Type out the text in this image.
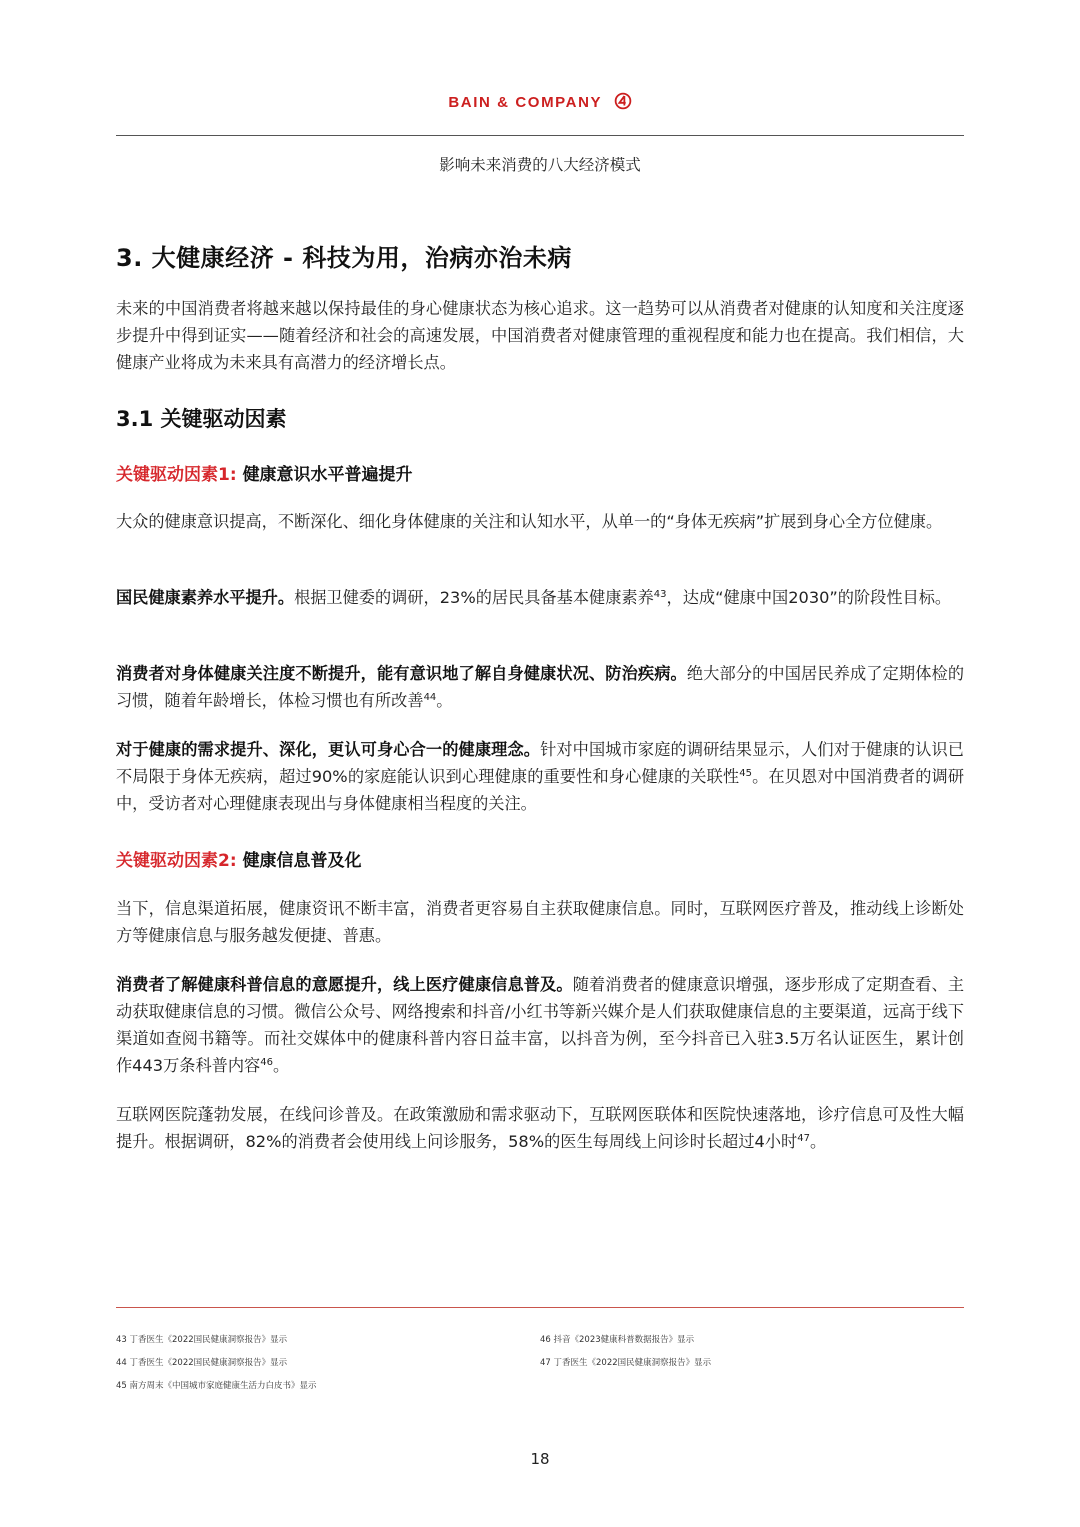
BAIN & COMPANY
影响未来消费的八大经济模式
3. 大健康经济 - 科技为用，治病亦治未病
未来的中国消费者将越来越以保持最佳的身心健康状态为核心追求。这一趋势可以从消费者对健康的认知度和关注度逐步提升中得到证实——随着经济和社会的高速发展，中国消费者对健康管理的重视程度和能力也在提高。我们相信，大健康产业将成为未来具有高潜力的经济增长点。
3.1 关键驱动因素
关键驱动因素1: 健康意识水平普遍提升
大众的健康意识提高，不断深化、细化身体健康的关注和认知水平，从单一的“身体无疾病”扩展到身心全方位健康。
国民健康素养水平提升。根据卫健委的调研，23%的居民具备基本健康素养$^{43}$，达成“健康中国2030”的阶段性目标。
消费者对身体健康关注度不断提升，能有意识地了解自身健康状况、防治疾病。绝大部分的中国居民养成了定期体检的习惯，随着年龄增长，体检习惯也有所改善$^{44}$。
对于健康的需求提升、深化，更认可身心合一的健康理念。针对中国城市家庭的调研结果显示，人们对于健康的认识已不局限于身体无疾病，超过90%的家庭能认识到心理健康的重要性和身心健康的关联性$^{45}$。在贝恩对中国消费者的调研中，受访者对心理健康表现出与身体健康相当程度的关注。
关键驱动因素2: 健康信息普及化
当下，信息渠道拓展，健康资讯不断丰富，消费者更容易自主获取健康信息。同时，互联网医疗普及，推动线上诊断处方等健康信息与服务越发便捷、普惠。
消费者了解健康科普信息的意愿提升，线上医疗健康信息普及。随着消费者的健康意识增强，逐步形成了定期查看、主动获取健康信息的习惯。微信公众号、网络搜索和抖音/小红书等新兴媒介是人们获取健康信息的主要渠道，远高于线下渠道如查阅书籍等。而社交媒体中的健康科普内容日益丰富，以抖音为例，至今抖音已入驻3.5万名认证医生，累计创作443万条科普内容$^{46}$。
互联网医院蓬勃发展，在线问诊普及。在政策激励和需求驱动下，互联网医联体和医院快速落地，诊疗信息可及性大幅提升。根据调研，82%的消费者会使用线上问诊服务，58%的医生每周线上问诊时长超过4小时$^{47}$。
43 丁香医生《2022国民健康洞察报告》显示
44 丁香医生《2022国民健康洞察报告》显示
45 南方周末《中国城市家庭健康生活力白皮书》显示
46 抖音《2023健康科普数据报告》显示
47 丁香医生《2022国民健康洞察报告》显示
18
